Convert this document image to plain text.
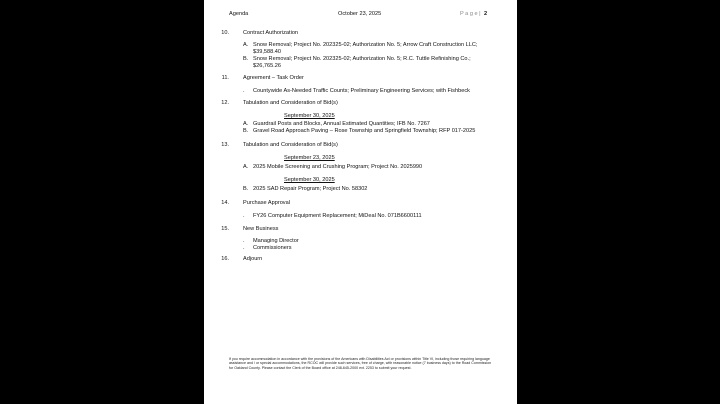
Agenda	October 23, 2025	P a g e | 2
10.	Contract Authorization
A. Snow Removal; Project No. 202325-02; Authorization No. 5; Arrow Craft Construction LLC;
$39,588.40
B. Snow Removal; Project No. 202325-02; Authorization No. 5; R.C. Tuttle Refinishing Co.;
$26,765.26
11.	Agreement – Task Order
. Countywide As-Needed Traffic Counts; Preliminary Engineering Services; with Fishbeck
12.	Tabulation and Consideration of Bid(s)
September 30, 2025
A. Guardrail Posts and Blocks, Annual Estimated Quantities; IFB No. 7267
B. Gravel Road Approach Paving – Rose Township and Springfield Township; RFP 017-2025
13.	Tabulation and Consideration of Bid(s)
September 23, 2025
A. 2025 Mobile Screening and Crushing Program; Project No. 2025990
September 30, 2025
B. 2025 SAD Repair Program; Project No. 58302
14.	Purchase Approval
. FY26 Computer Equipment Replacement; MiDeal No. 071B6600111
15.	New Business
. Managing Director
. Commissioners
16.	Adjourn
If you require accommodation in accordance with the provisions of the Americans with Disabilities Act or provisions within Title VI, including those requiring language assistance and / or special accommodations, the RCOC will provide such services, free of charge, with reasonable notice (7 business days) to the Road Commission for Oakland County. Please contact the Clerk of the Board office at 248-645-2000 ext. 2253 to submit your request.
